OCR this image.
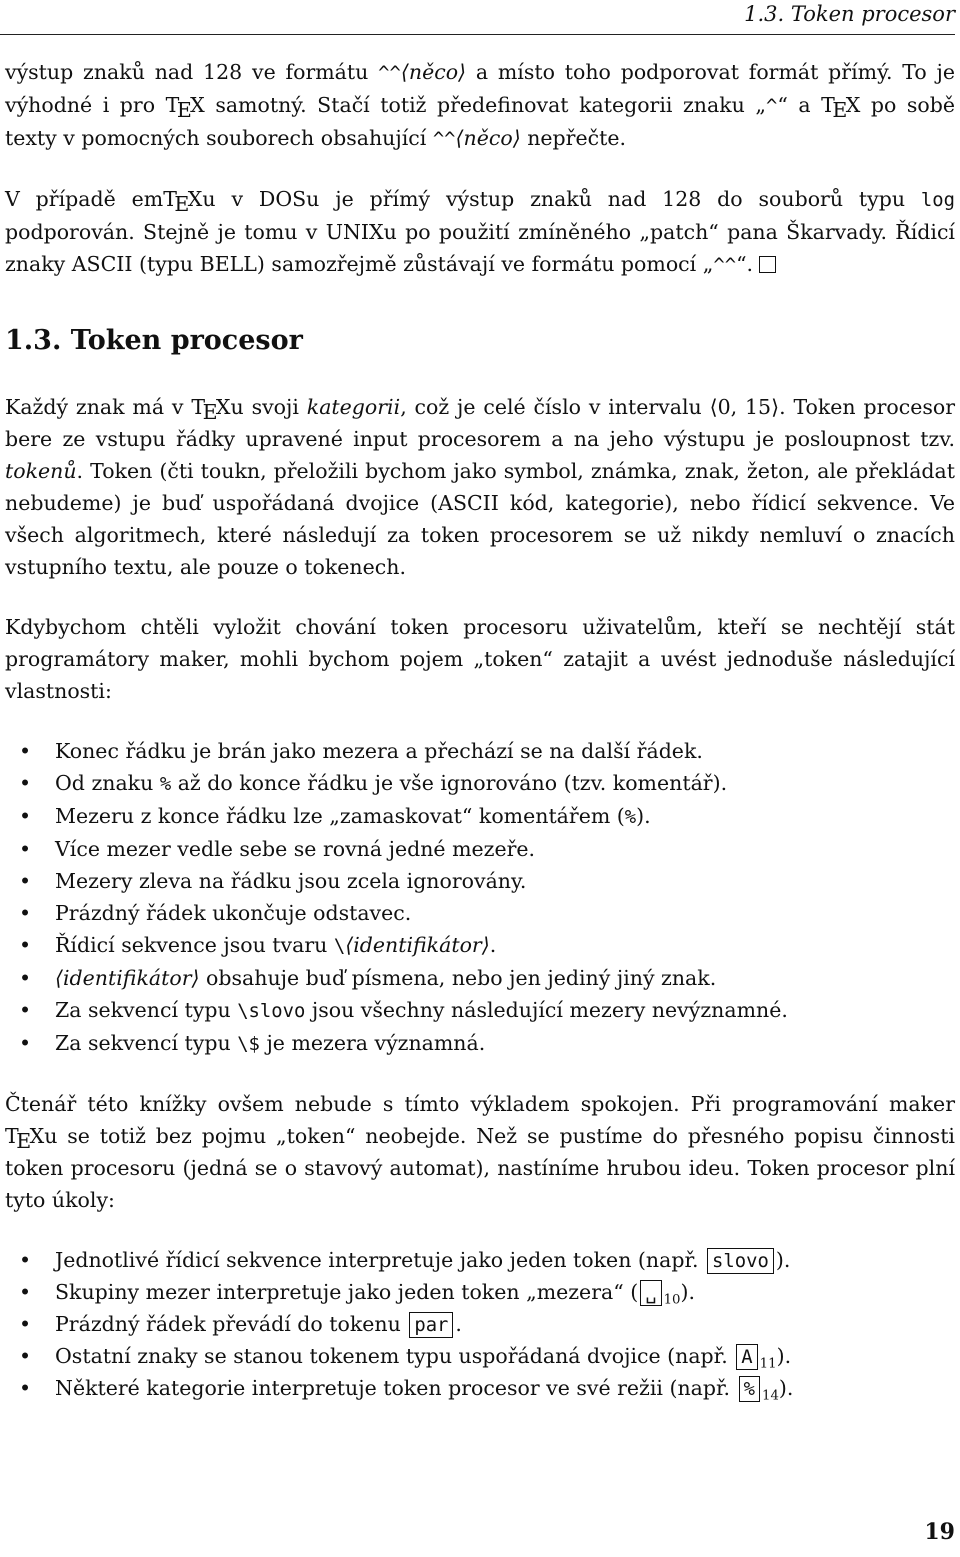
1.3. Token procesor

výstup znaků nad 128 ve formátu ^^⟨něco⟩ a místo toho podporovat formát přímý. To je výhodné i pro TEX samotný. Stačí totiž předefinovat kategorii znaku „^“ a TEX po sobě texty v pomocných souborech obsahující ^^⟨něco⟩ nepřečte.

V případě emTEXu v DOSu je přímý výstup znaků nad 128 do souborů typu log podporován. Stejně je tomu v UNIXu po použití zmíněného „patch“ pana Škarvady. Řídicí znaky ASCII (typu BELL) samozřejmě zůstávají ve formátu pomocí „^^“.

1.3. Token procesor

Každý znak má v TEXu svoji kategorii, což je celé číslo v intervalu ⟨0, 15⟩. Token procesor bere ze vstupu řádky upravené input procesorem a na jeho výstupu je posloupnost tzv. tokenů. Token (čti toukn, přeložili bychom jako symbol, známka, znak, žeton, ale překládat nebudeme) je buď uspořádaná dvojice (ASCII kód, kategorie), nebo řídicí sekvence. Ve všech algoritmech, které následují za token procesorem se už nikdy nemluví o znacích vstupního textu, ale pouze o tokenech.

Kdybychom chtěli vyložit chování token procesoru uživatelům, kteří se nechtějí stát programátory maker, mohli bychom pojem „token“ zatajit a uvést jednoduše následující vlastnosti:

• Konec řádku je brán jako mezera a přechází se na další řádek.
• Od znaku % až do konce řádku je vše ignorováno (tzv. komentář).
• Mezeru z konce řádku lze „zamaskovat“ komentářem (%).
• Více mezer vedle sebe se rovná jedné mezeře.
• Mezery zleva na řádku jsou zcela ignorovány.
• Prázdný řádek ukončuje odstavec.
• Řídicí sekvence jsou tvaru \⟨identifikátor⟩.
• ⟨identifikátor⟩ obsahuje buď písmena, nebo jen jediný jiný znak.
• Za sekvencí typu \slovo jsou všechny následující mezery nevýznamné.
• Za sekvencí typu \$ je mezera významná.

Čtenář této knížky ovšem nebude s tímto výkladem spokojen. Při programování maker TEXu se totiž bez pojmu „token“ neobejde. Než se pustíme do přesného popisu činnosti token procesoru (jedná se o stavový automat), nastíníme hrubou ideu. Token procesor plní tyto úkoly:

• Jednotlivé řídicí sekvence interpretuje jako jeden token (např. slovo ).
• Skupiny mezer interpretuje jako jeden token „mezera“ ( ␣ $_{10}$).
• Prázdný řádek převádí do tokenu par .
• Ostatní znaky se stanou tokenem typu uspořádaná dvojice (např. A $_{11}$).
• Některé kategorie interpretuje token procesor ve své režii (např. % $_{14}$).
19
